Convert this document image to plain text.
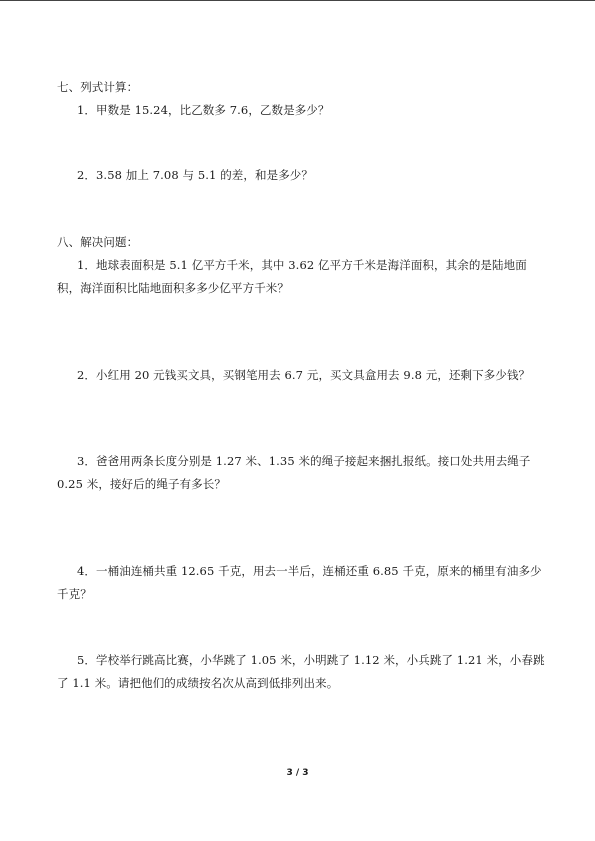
七、列式计算：
1．甲数是 15.24，比乙数多 7.6，乙数是多少？
2．3.58 加上 7.08 与 5.1 的差，和是多少？
八、解决问题：
1．地球表面积是 5.1 亿平方千米，其中 3.62 亿平方千米是海洋面积，其余的是陆地面
积，海洋面积比陆地面积多多少亿平方千米？
2．小红用 20 元钱买文具，买钢笔用去 6.7 元，买文具盒用去 9.8 元，还剩下多少钱？
3．爸爸用两条长度分别是 1.27 米、1.35 米的绳子接起来捆扎报纸。接口处共用去绳子
0.25 米，接好后的绳子有多长？
4．一桶油连桶共重 12.65 千克，用去一半后，连桶还重 6.85 千克，原来的桶里有油多少
千克？
5．学校举行跳高比赛，小华跳了 1.05 米，小明跳了 1.12 米，小兵跳了 1.21 米，小春跳
了 1.1 米。请把他们的成绩按名次从高到低排列出来。
3 / 3
